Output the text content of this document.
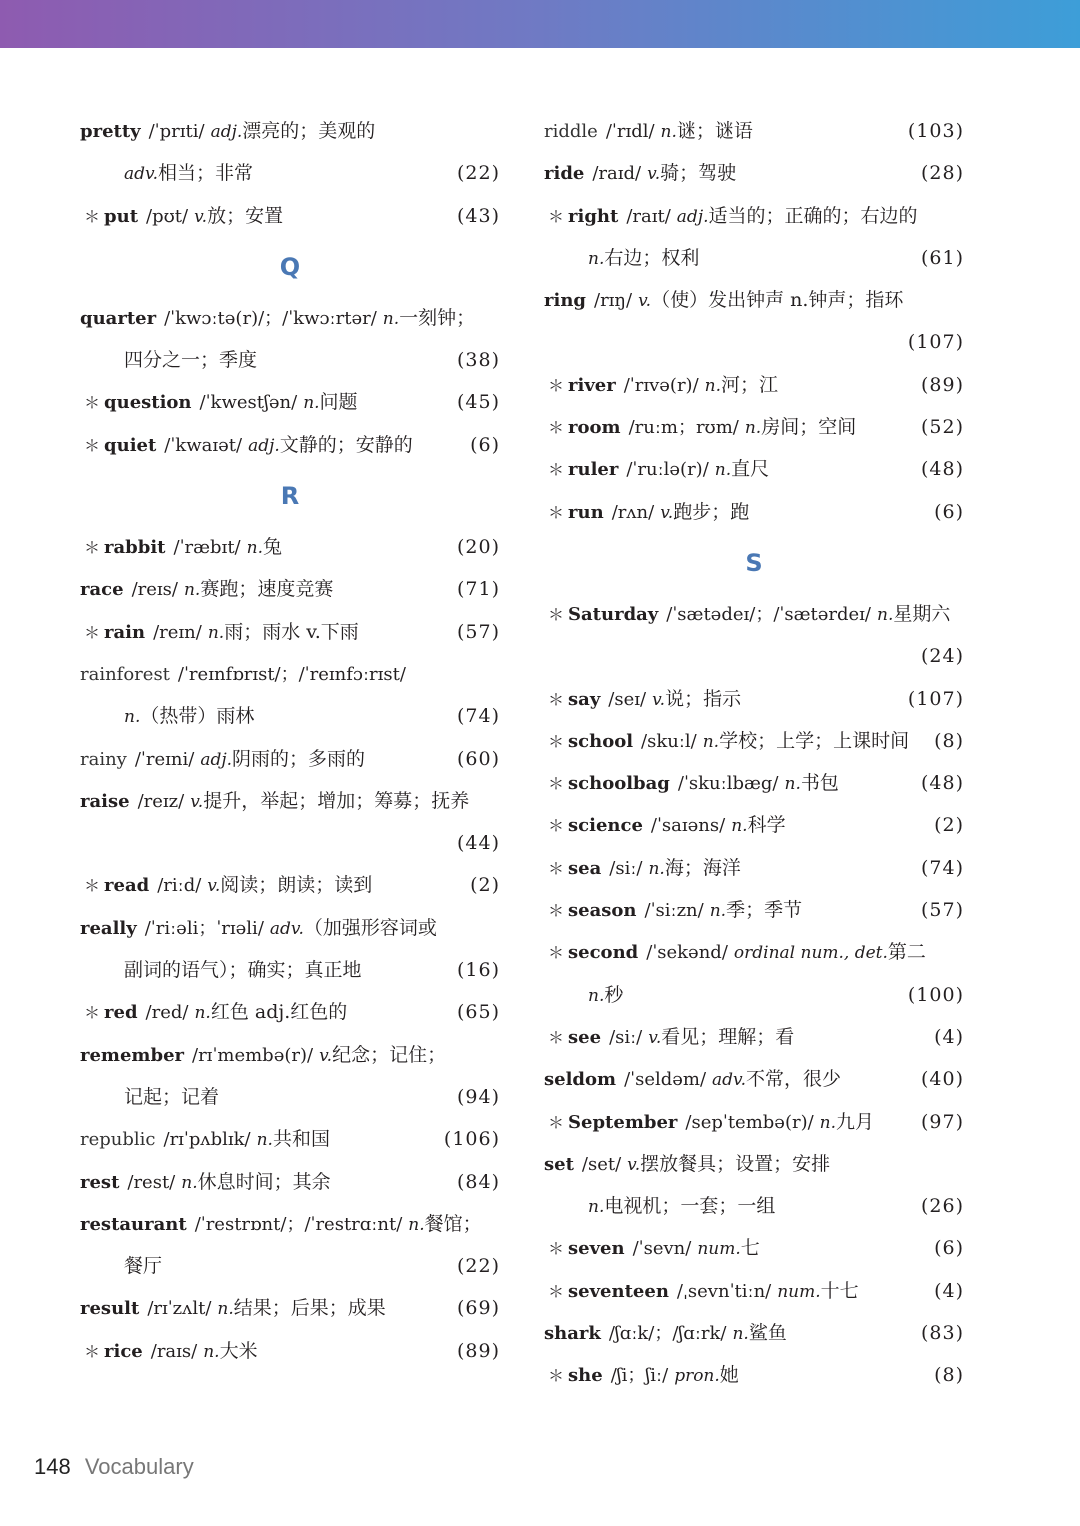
pretty /ˈprɪti/ adj.漂亮的；美观的
adv.相当；非常	(22)
＊ put /pʊt/ v.放；安置	(43)
Q
quarter /ˈkwɔːtə(r)/；/ˈkwɔːrtər/ n.一刻钟；
四分之一；季度	(38)
＊ question /ˈkwestʃən/ n.问题	(45)
＊ quiet /ˈkwaɪət/ adj.文静的；安静的	(6)
R
＊ rabbit /ˈræbɪt/ n.兔	(20)
race /reɪs/ n.赛跑；速度竞赛	(71)
＊ rain /reɪn/ n.雨；雨水 v.下雨	(57)
rainforest /ˈreɪnfɒrɪst/；/ˈreɪnfɔːrɪst/
n.（热带）雨林	(74)
rainy /ˈreɪni/ adj.阴雨的；多雨的	(60)
raise /reɪz/ v.提升，举起；增加；筹募；抚养
(44)
＊ read /riːd/ v.阅读；朗读；读到	(2)
really /ˈriːəli；ˈrɪəli/ adv.（加强形容词或
副词的语气）；确实；真正地	(16)
＊ red /red/ n.红色 adj.红色的	(65)
remember /rɪˈmembə(r)/ v.纪念；记住；
记起；记着	(94)
republic /rɪˈpʌblɪk/ n.共和国	(106)
rest /rest/ n.休息时间；其余	(84)
restaurant /ˈrestrɒnt/；/ˈrestrɑːnt/ n.餐馆；
餐厅	(22)
result /rɪˈzʌlt/ n.结果；后果；成果	(69)
＊ rice /raɪs/ n.大米	(89)
riddle /ˈrɪdl/ n.谜；谜语	(103)
ride /raɪd/ v.骑；驾驶	(28)
＊ right /raɪt/ adj.适当的；正确的；右边的
n.右边；权利	(61)
ring /rɪŋ/ v.（使）发出钟声 n.钟声；指环
(107)
＊ river /ˈrɪvə(r)/ n.河；江	(89)
＊ room /ruːm；rʊm/ n.房间；空间	(52)
＊ ruler /ˈruːlə(r)/ n.直尺	(48)
＊ run /rʌn/ v.跑步；跑	(6)
S
＊ Saturday /ˈsætədeɪ/；/ˈsætərdeɪ/ n.星期六
(24)
＊ say /seɪ/ v.说；指示	(107)
＊ school /skuːl/ n.学校；上学；上课时间 (8)
＊ schoolbag /ˈskuːlbæg/ n.书包	(48)
＊ science /ˈsaɪəns/ n.科学	(2)
＊ sea /siː/ n.海；海洋	(74)
＊ season /ˈsiːzn/ n.季；季节	(57)
＊ second /ˈsekənd/ ordinal num., det.第二
n.秒	(100)
＊ see /siː/ v.看见；理解；看	(4)
seldom /ˈseldəm/ adv.不常，很少	(40)
＊ September /sepˈtembə(r)/ n.九月 (97)
set /set/ v.摆放餐具；设置；安排
n.电视机；一套；一组	(26)
＊ seven /ˈsevn/ num.七	(6)
＊ seventeen /ˌsevnˈtiːn/ num.十七	(4)
shark /ʃɑːk/；/ʃɑːrk/ n.鲨鱼	(83)
＊ she /ʃi；ʃiː/ pron.她	(8)
148 Vocabulary
